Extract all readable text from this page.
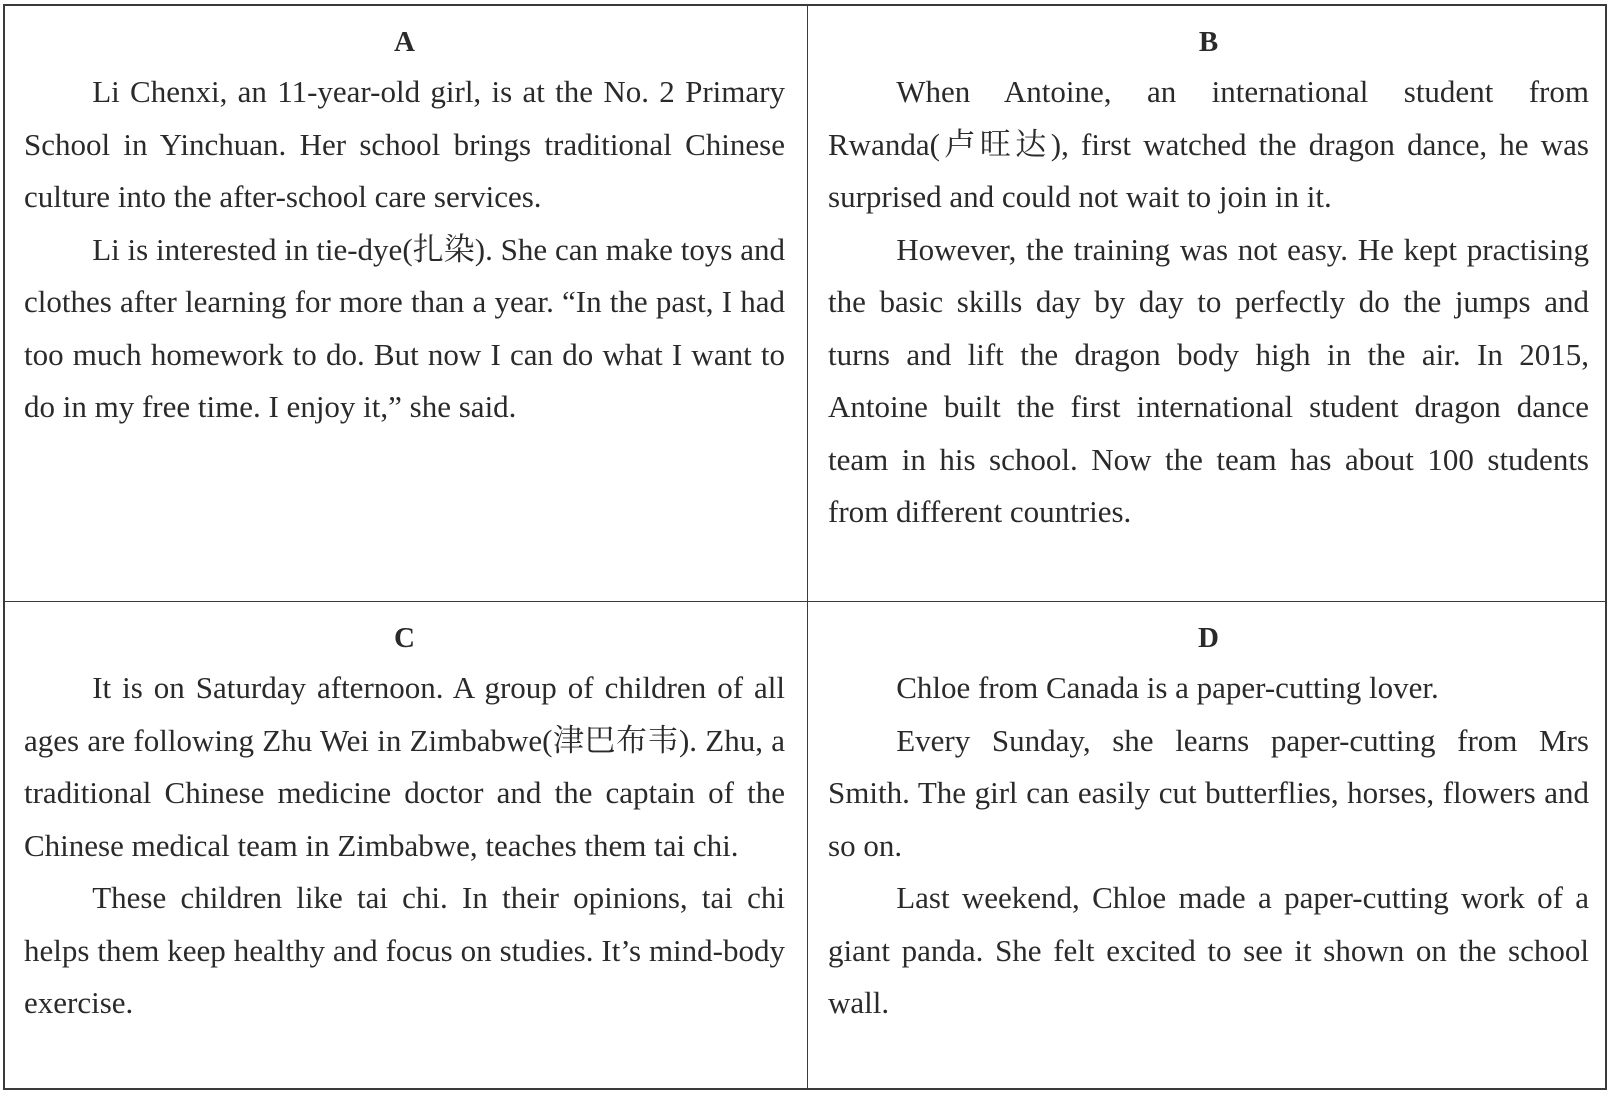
A

Li Chenxi, an 11-year-old girl, is at the No. 2 Primary School in Yinchuan. Her school brings traditional Chinese culture into the after-school care services.

Li is interested in tie-dye(扎染). She can make toys and clothes after learning for more than a year. “In the past, I had too much homework to do. But now I can do what I want to do in my free time. I enjoy it,” she said.

B

When Antoine, an international student from Rwanda(卢旺达), first watched the dragon dance, he was surprised and could not wait to join in it.

However, the training was not easy. He kept practising the basic skills day by day to perfectly do the jumps and turns and lift the dragon body high in the air. In 2015, Antoine built the first international student dragon dance team in his school. Now the team has about 100 students from different countries.

C

It is on Saturday afternoon. A group of children of all ages are following Zhu Wei in Zimbabwe(津巴布韦). Zhu, a traditional Chinese medicine doctor and the captain of the Chinese medical team in Zimbabwe, teaches them tai chi.

These children like tai chi. In their opinions, tai chi helps them keep healthy and focus on studies. It’s mind-body exercise.

D

Chloe from Canada is a paper-cutting lover.

Every Sunday, she learns paper-cutting from Mrs Smith. The girl can easily cut butterflies, horses, flowers and so on.

Last weekend, Chloe made a paper-cutting work of a giant panda. She felt excited to see it shown on the school wall.
